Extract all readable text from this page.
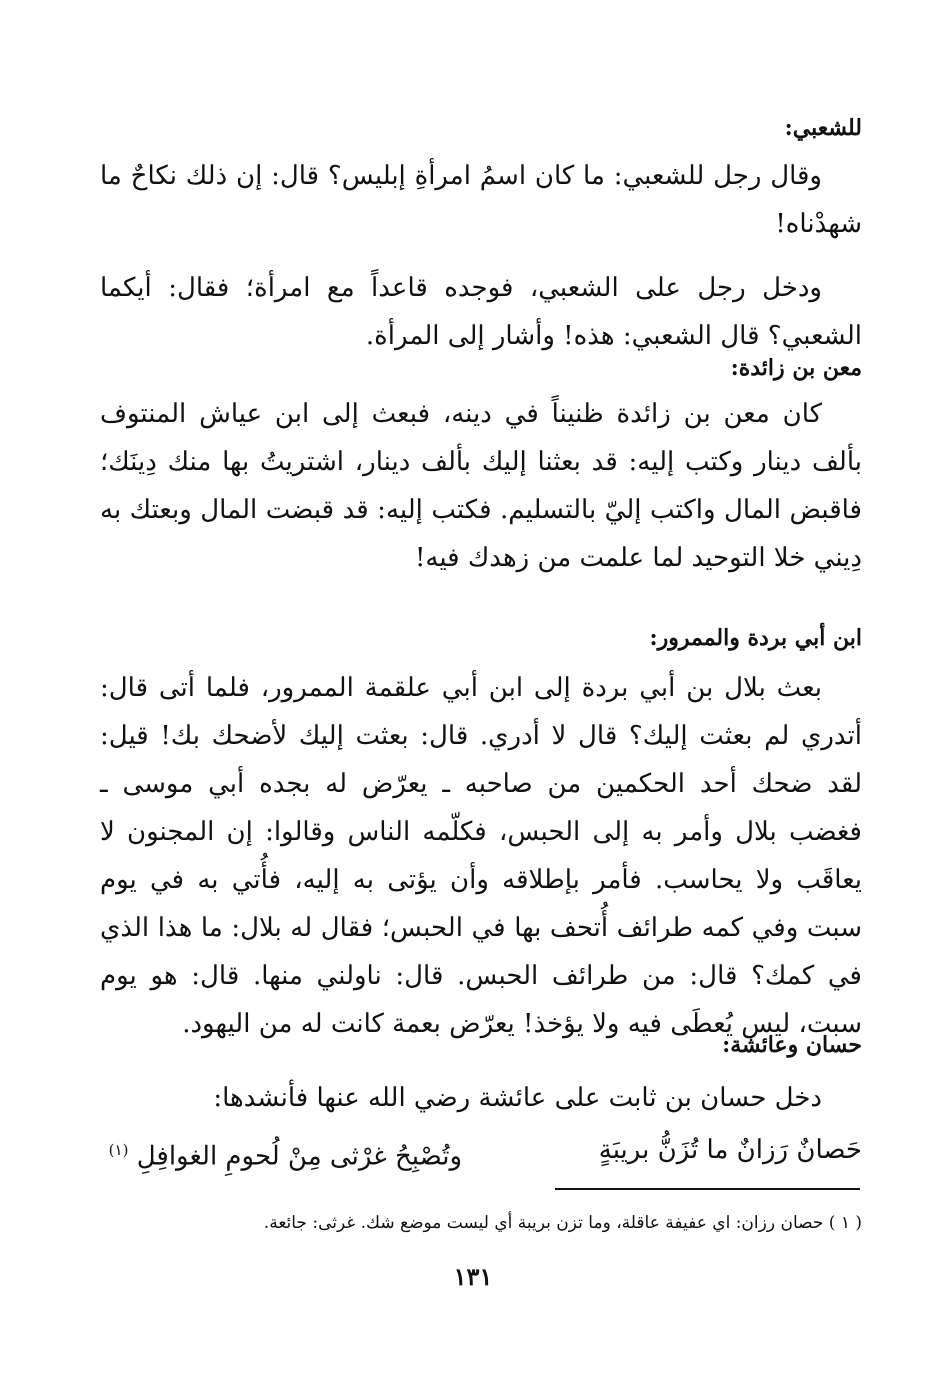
للشعبي:

وقال رجل للشعبي: ما كان اسمُ امرأةِ إبليس؟ قال: إن ذلك نكاحٌ ما شهدْناه!

ودخل رجل على الشعبي، فوجده قاعداً مع امرأة؛ فقال: أيكما الشعبي؟ قال الشعبي: هذه! وأشار إلى المرأة.

معن بن زائدة:

كان معن بن زائدة ظنيناً في دينه، فبعث إلى ابن عياش المنتوف بألف دينار وكتب إليه: قد بعثنا إليك بألف دينار، اشتريتُ بها منك دِينَك؛ فاقبض المال واكتب إليّ بالتسليم. فكتب إليه: قد قبضت المال وبعتك به دِيني خلا التوحيد لما علمت من زهدك فيه!

ابن أبي بردة والممرور:

بعث بلال بن أبي بردة إلى ابن أبي علقمة الممرور، فلما أتى قال: أتدري لم بعثت إليك؟ قال لا أدري. قال: بعثت إليك لأضحك بك! قيل: لقد ضحك أحد الحكمين من صاحبه ـ يعرّض له بجده أبي موسى ـ فغضب بلال وأمر به إلى الحبس، فكلّمه الناس وقالوا: إن المجنون لا يعاقَب ولا يحاسب. فأمر بإطلاقه وأن يؤتى به إليه، فأُتي به في يوم سبت وفي كمه طرائف أُتحف بها في الحبس؛ فقال له بلال: ما هذا الذي في كمك؟ قال: من طرائف الحبس. قال: ناولني منها. قال: هو يوم سبت، ليس يُعطَى فيه ولا يؤخذ! يعرّض بعمة كانت له من اليهود.

حسان وعائشة:

دخل حسان بن ثابت على عائشة رضي الله عنها فأنشدها:

حَصانٌ رَزانٌ ما تُزَنُّ بريبَةٍ
وتُصْبِحُ غرْثى مِنْ لُحومِ الغوافِلِ $^{(١)}$
( ١ ) حصان رزان: اي عفيفة عاقلة، وما تزن بريبة أي ليست موضع شك. غرثى: جائعة.
١٣١
